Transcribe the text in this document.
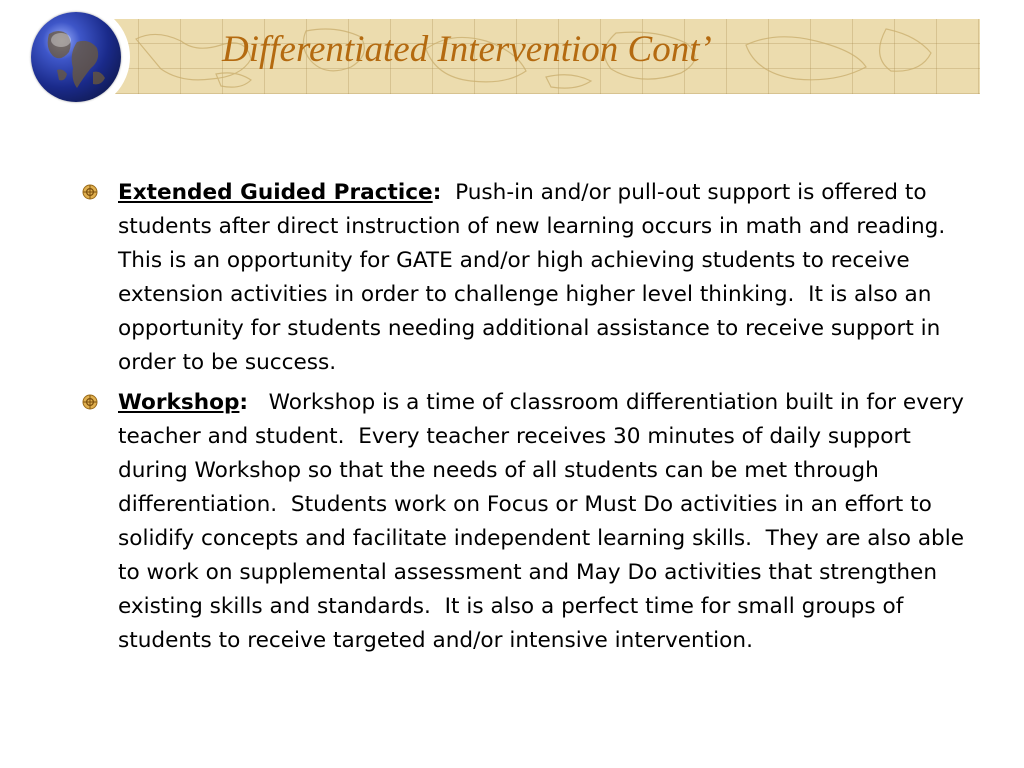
Differentiated Intervention Cont’
Extended Guided Practice: Push-in and/or pull-out support is offered to students after direct instruction of new learning occurs in math and reading. This is an opportunity for GATE and/or high achieving students to receive extension activities in order to challenge higher level thinking.  It is also an opportunity for students needing additional assistance to receive support in order to be success.
Workshop: Workshop is a time of classroom differentiation built in for every teacher and student.  Every teacher receives 30 minutes of daily support during Workshop so that the needs of all students can be met through differentiation.  Students work on Focus or Must Do activities in an effort to solidify concepts and facilitate independent learning skills.  They are also able to work on supplemental assessment and May Do activities that strengthen existing skills and standards.  It is also a perfect time for small groups of students to receive targeted and/or intensive intervention.
